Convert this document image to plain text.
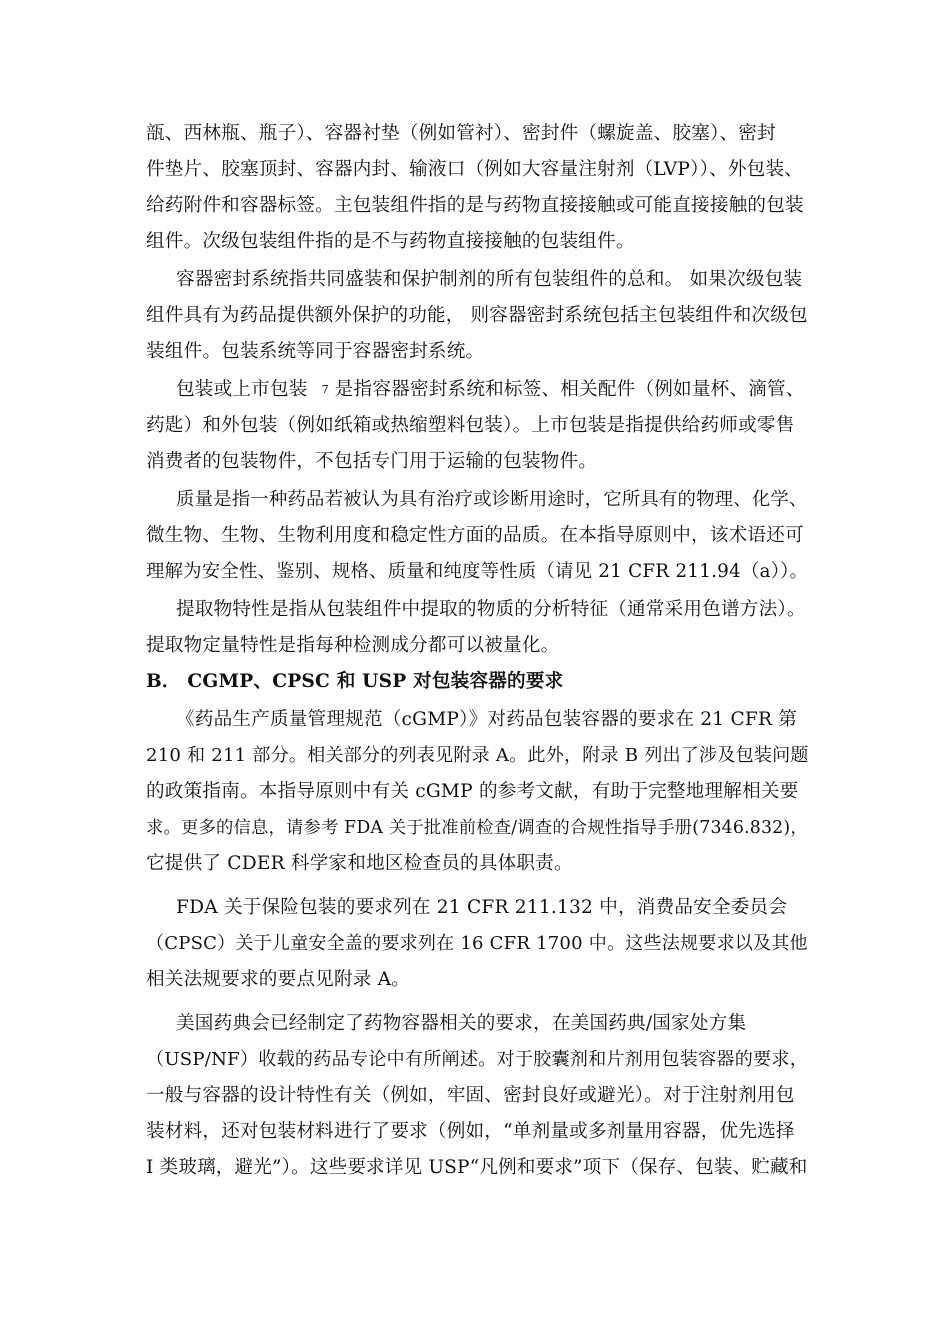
瓿、西林瓶、瓶子）、容器衬垫（例如管衬）、密封件（螺旋盖、胶塞）、密封
件垫片、胶塞顶封、容器内封、输液口（例如大容量注射剂（LVP））、外包装、
给药附件和容器标签。主包装组件指的是与药物直接接触或可能直接接触的包装
组件。次级包装组件指的是不与药物直接接触的包装组件。
容器密封系统指共同盛装和保护制剂的所有包装组件的总和。 如果次级包装
组件具有为药品提供额外保护的功能， 则容器密封系统包括主包装组件和次级包
装组件。包装系统等同于容器密封系统。
包装或上市包装 7 是指容器密封系统和标签、相关配件（例如量杯、滴管、
药匙）和外包装（例如纸箱或热缩塑料包装）。上市包装是指提供给药师或零售
消费者的包装物件，不包括专门用于运输的包装物件。
质量是指一种药品若被认为具有治疗或诊断用途时，它所具有的物理、化学、
微生物、生物、生物利用度和稳定性方面的品质。在本指导原则中，该术语还可
理解为安全性、鉴别、规格、质量和纯度等性质（请见 21 CFR 211.94（a））。
提取物特性是指从包装组件中提取的物质的分析特征（通常采用色谱方法）。
提取物定量特性是指每种检测成分都可以被量化。
B． CGMP、CPSC 和 USP 对包装容器的要求
《药品生产质量管理规范（cGMP）》对药品包装容器的要求在 21 CFR 第
210 和 211 部分。相关部分的列表见附录 A。此外，附录 B 列出了涉及包装问题
的政策指南。本指导原则中有关 cGMP 的参考文献，有助于完整地理解相关要
求。更多的信息，请参考 FDA 关于批准前检查/调查的合规性指导手册(7346.832)，
它提供了 CDER 科学家和地区检查员的具体职责。
FDA 关于保险包装的要求列在 21 CFR 211.132 中，消费品安全委员会
（CPSC）关于儿童安全盖的要求列在 16 CFR 1700 中。这些法规要求以及其他
相关法规要求的要点见附录 A。
美国药典会已经制定了药物容器相关的要求，在美国药典/国家处方集
（USP/NF）收载的药品专论中有所阐述。对于胶囊剂和片剂用包装容器的要求，
一般与容器的设计特性有关（例如，牢固、密封良好或避光）。对于注射剂用包
装材料，还对包装材料进行了要求（例如，“单剂量或多剂量用容器，优先选择
I 类玻璃，避光”）。这些要求详见 USP“凡例和要求”项下（保存、包装、贮藏和
